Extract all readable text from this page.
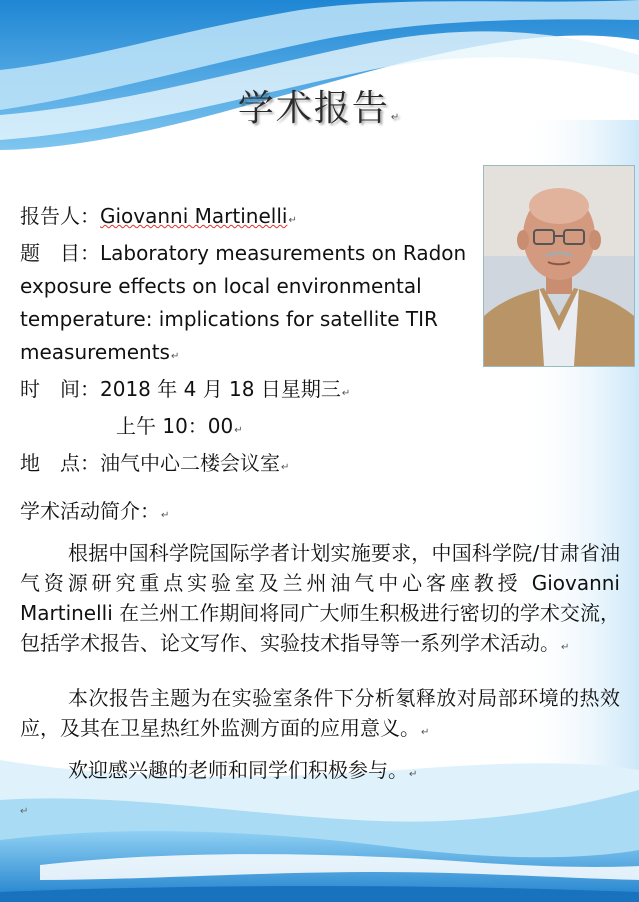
学术报告↵
报告人：Giovanni Martinelli↵
题　目：Laboratory measurements on Radon exposure effects on local environmental temperature: implications for satellite TIR measurements↵
时　间：2018 年 4 月 18 日星期三↵
上午 10：00↵
地　点：油气中心二楼会议室↵
学术活动简介：↵
根据中国科学院国际学者计划实施要求，中国科学院/甘肃省油气资源研究重点实验室及兰州油气中心客座教授 Giovanni Martinelli 在兰州工作期间将同广大师生积极进行密切的学术交流，包括学术报告、论文写作、实验技术指导等一系列学术活动。↵
本次报告主题为在实验室条件下分析氡释放对局部环境的热效应，及其在卫星热红外监测方面的应用意义。↵
欢迎感兴趣的老师和同学们积极参与。↵
↵
